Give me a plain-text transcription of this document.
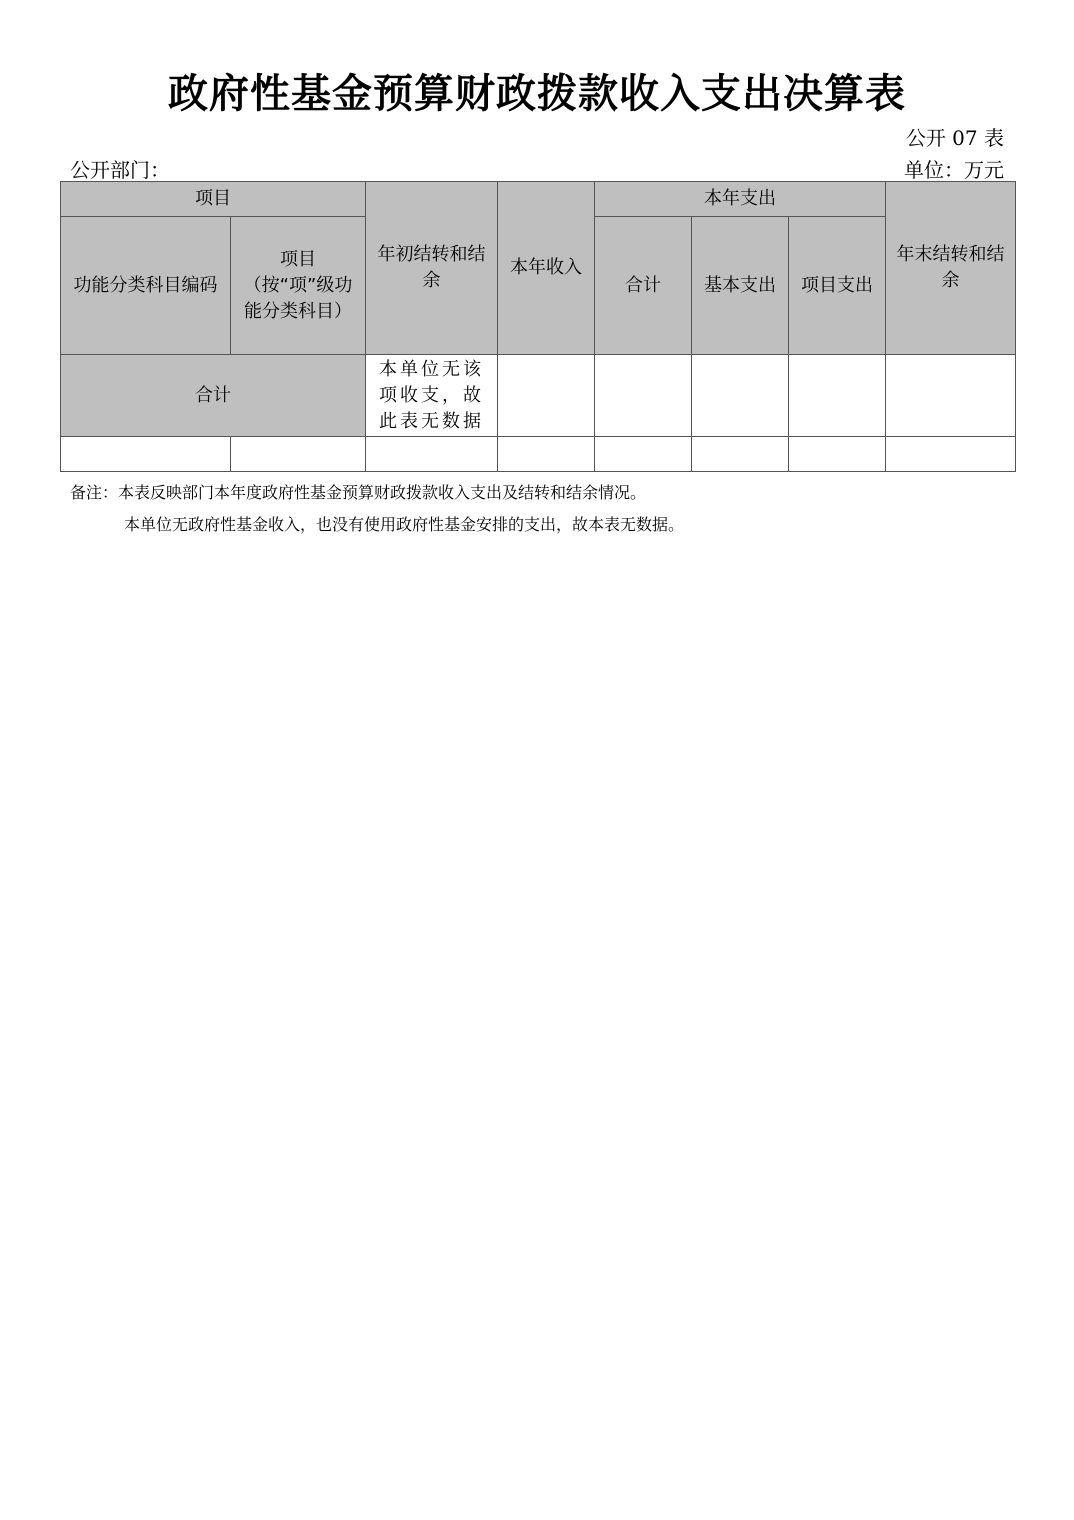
政府性基金预算财政拨款收入支出决算表
公开 07 表
公开部门：	单位：万元
项目		年初结转和结余	本年收入	本年支出			年末结转和结余
功能分类科目编码	项目（按“项”级功能分类科目）			合计	基本支出	项目支出	
合计		本单位无该项收支，故此表无数据					

备注：本表反映部门本年度政府性基金预算财政拨款收入支出及结转和结余情况。
本单位无政府性基金收入，也没有使用政府性基金安排的支出，故本表无数据。
